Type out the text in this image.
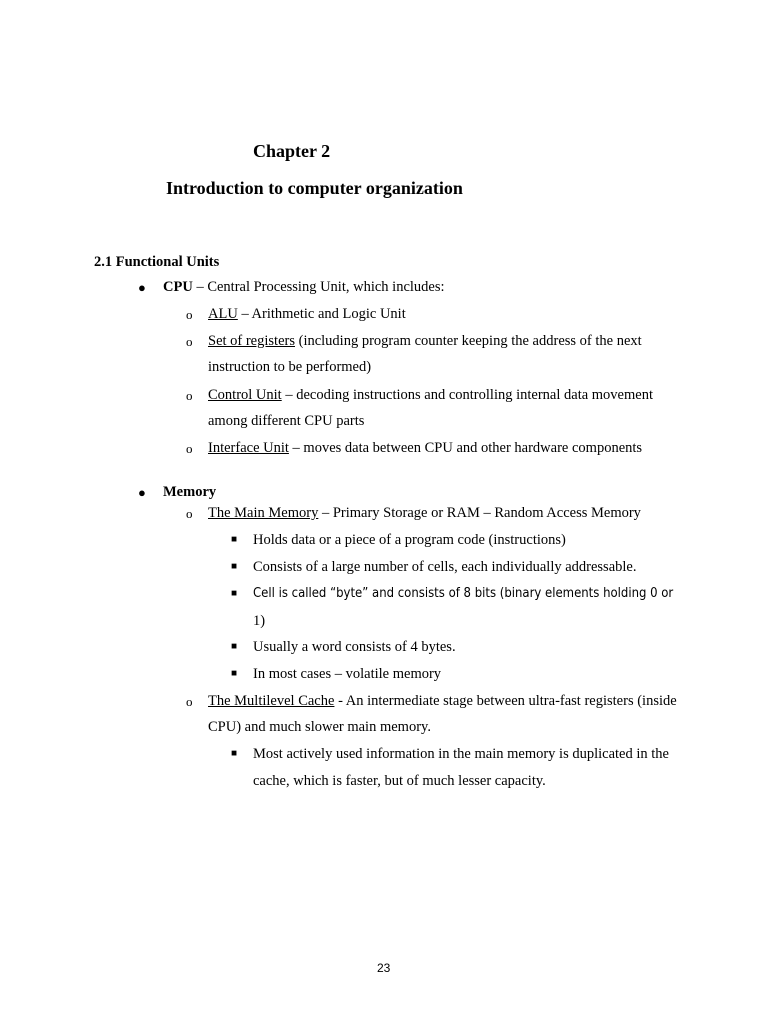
Chapter 2
Introduction to computer organization
2.1 Functional Units
● CPU – Central Processing Unit, which includes:
o ALU – Arithmetic and Logic Unit
o Set of registers (including program counter keeping the address of the next
instruction to be performed)
o Control Unit – decoding instructions and controlling internal data movement
among different CPU parts
o Interface Unit – moves data between CPU and other hardware components
● Memory
o The Main Memory – Primary Storage or RAM – Random Access Memory
■ Holds data or a piece of a program code (instructions)
■ Consists of a large number of cells, each individually addressable.
■ Cell is called “byte” and consists of 8 bits (binary elements holding 0 or
1)
■ Usually a word consists of 4 bytes.
■ In most cases – volatile memory
o The Multilevel Cache - An intermediate stage between ultra-fast registers (inside
CPU) and much slower main memory.
■ Most actively used information in the main memory is duplicated in the
cache, which is faster, but of much lesser capacity.
23
